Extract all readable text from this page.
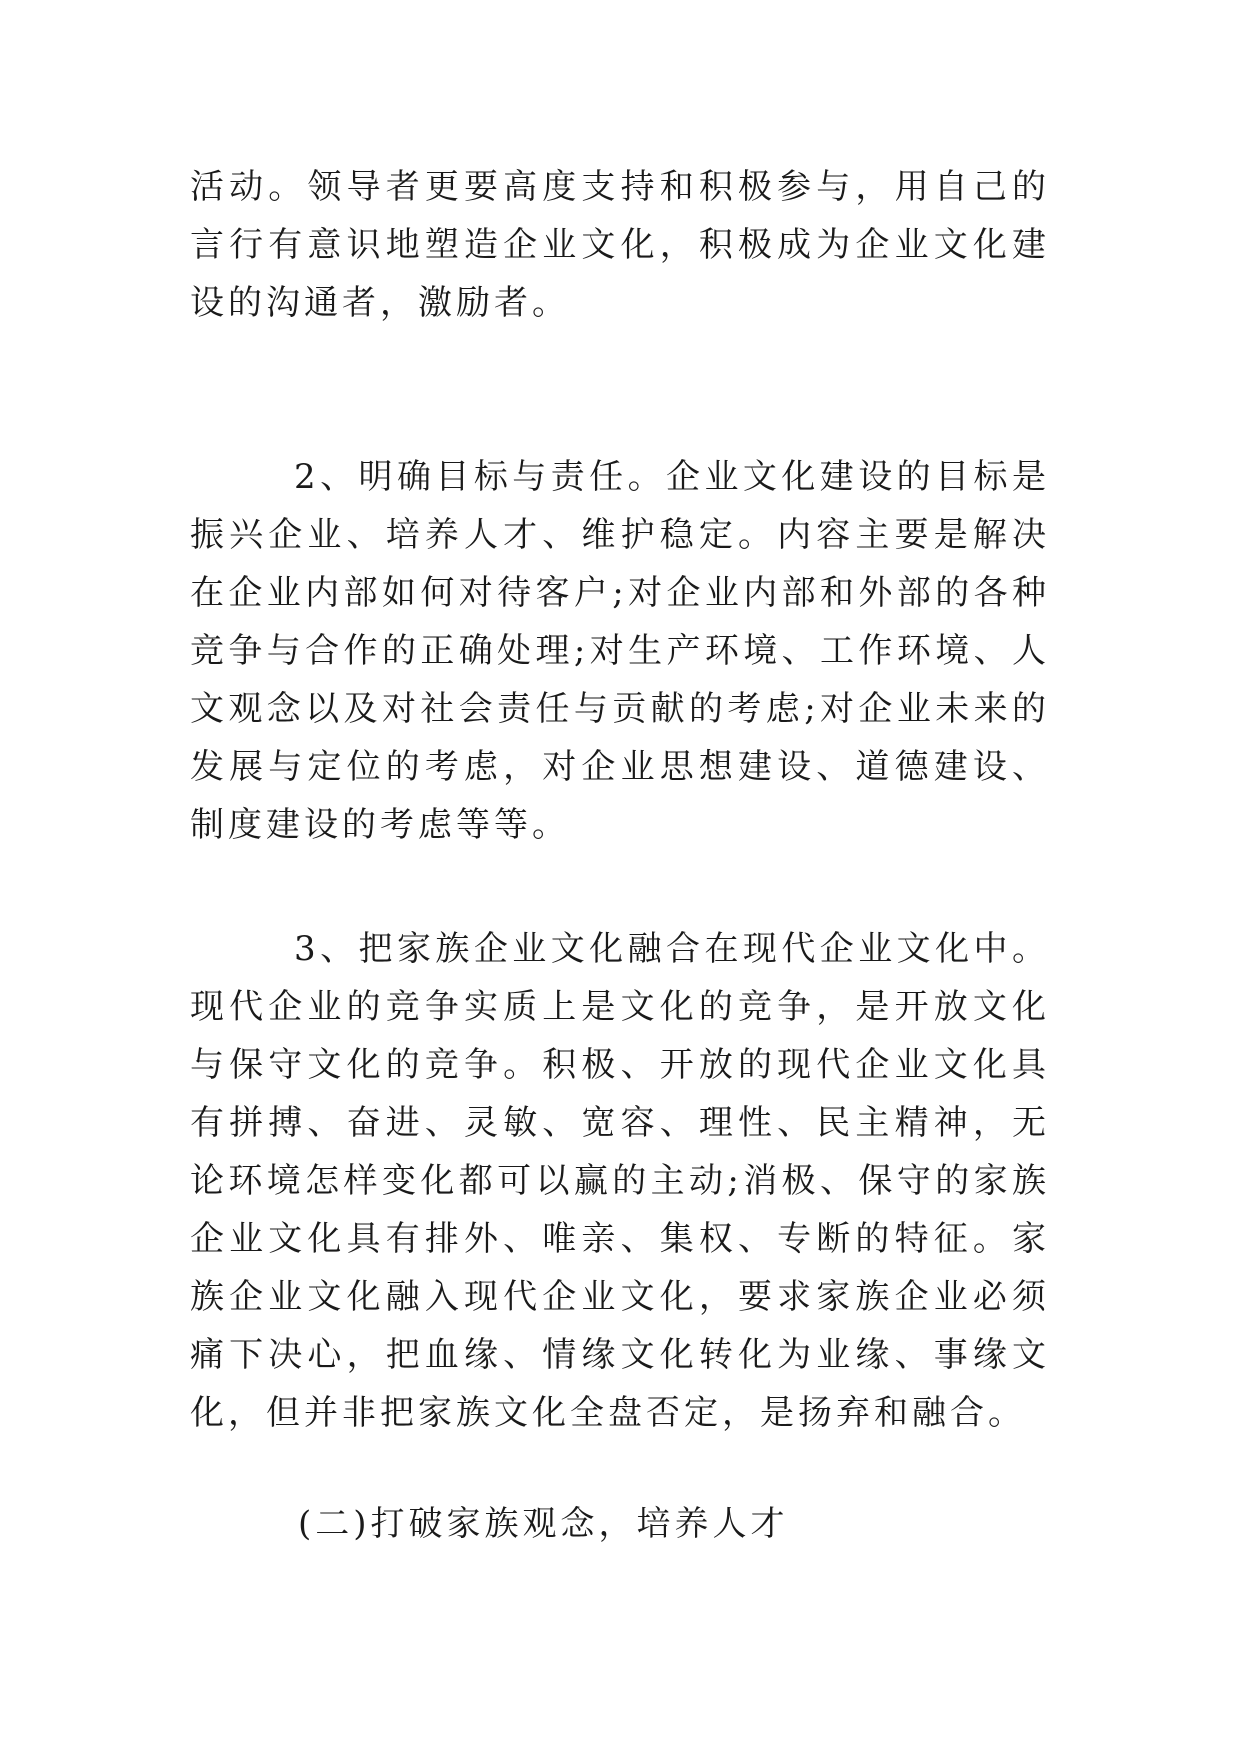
活动。领导者更要高度支持和积极参与，用自己的言行有意识地塑造企业文化，积极成为企业文化建设的沟通者，激励者。

2、明确目标与责任。企业文化建设的目标是振兴企业、培养人才、维护稳定。内容主要是解决在企业内部如何对待客户;对企业内部和外部的各种竞争与合作的正确处理;对生产环境、工作环境、人文观念以及对社会责任与贡献的考虑;对企业未来的发展与定位的考虑，对企业思想建设、道德建设、制度建设的考虑等等。

3、把家族企业文化融合在现代企业文化中。现代企业的竞争实质上是文化的竞争，是开放文化与保守文化的竞争。积极、开放的现代企业文化具有拼搏、奋进、灵敏、宽容、理性、民主精神，无论环境怎样变化都可以赢的主动;消极、保守的家族企业文化具有排外、唯亲、集权、专断的特征。家族企业文化融入现代企业文化，要求家族企业必须痛下决心，把血缘、情缘文化转化为业缘、事缘文化，但并非把家族文化全盘否定，是扬弃和融合。

(二)打破家族观念，培养人才
